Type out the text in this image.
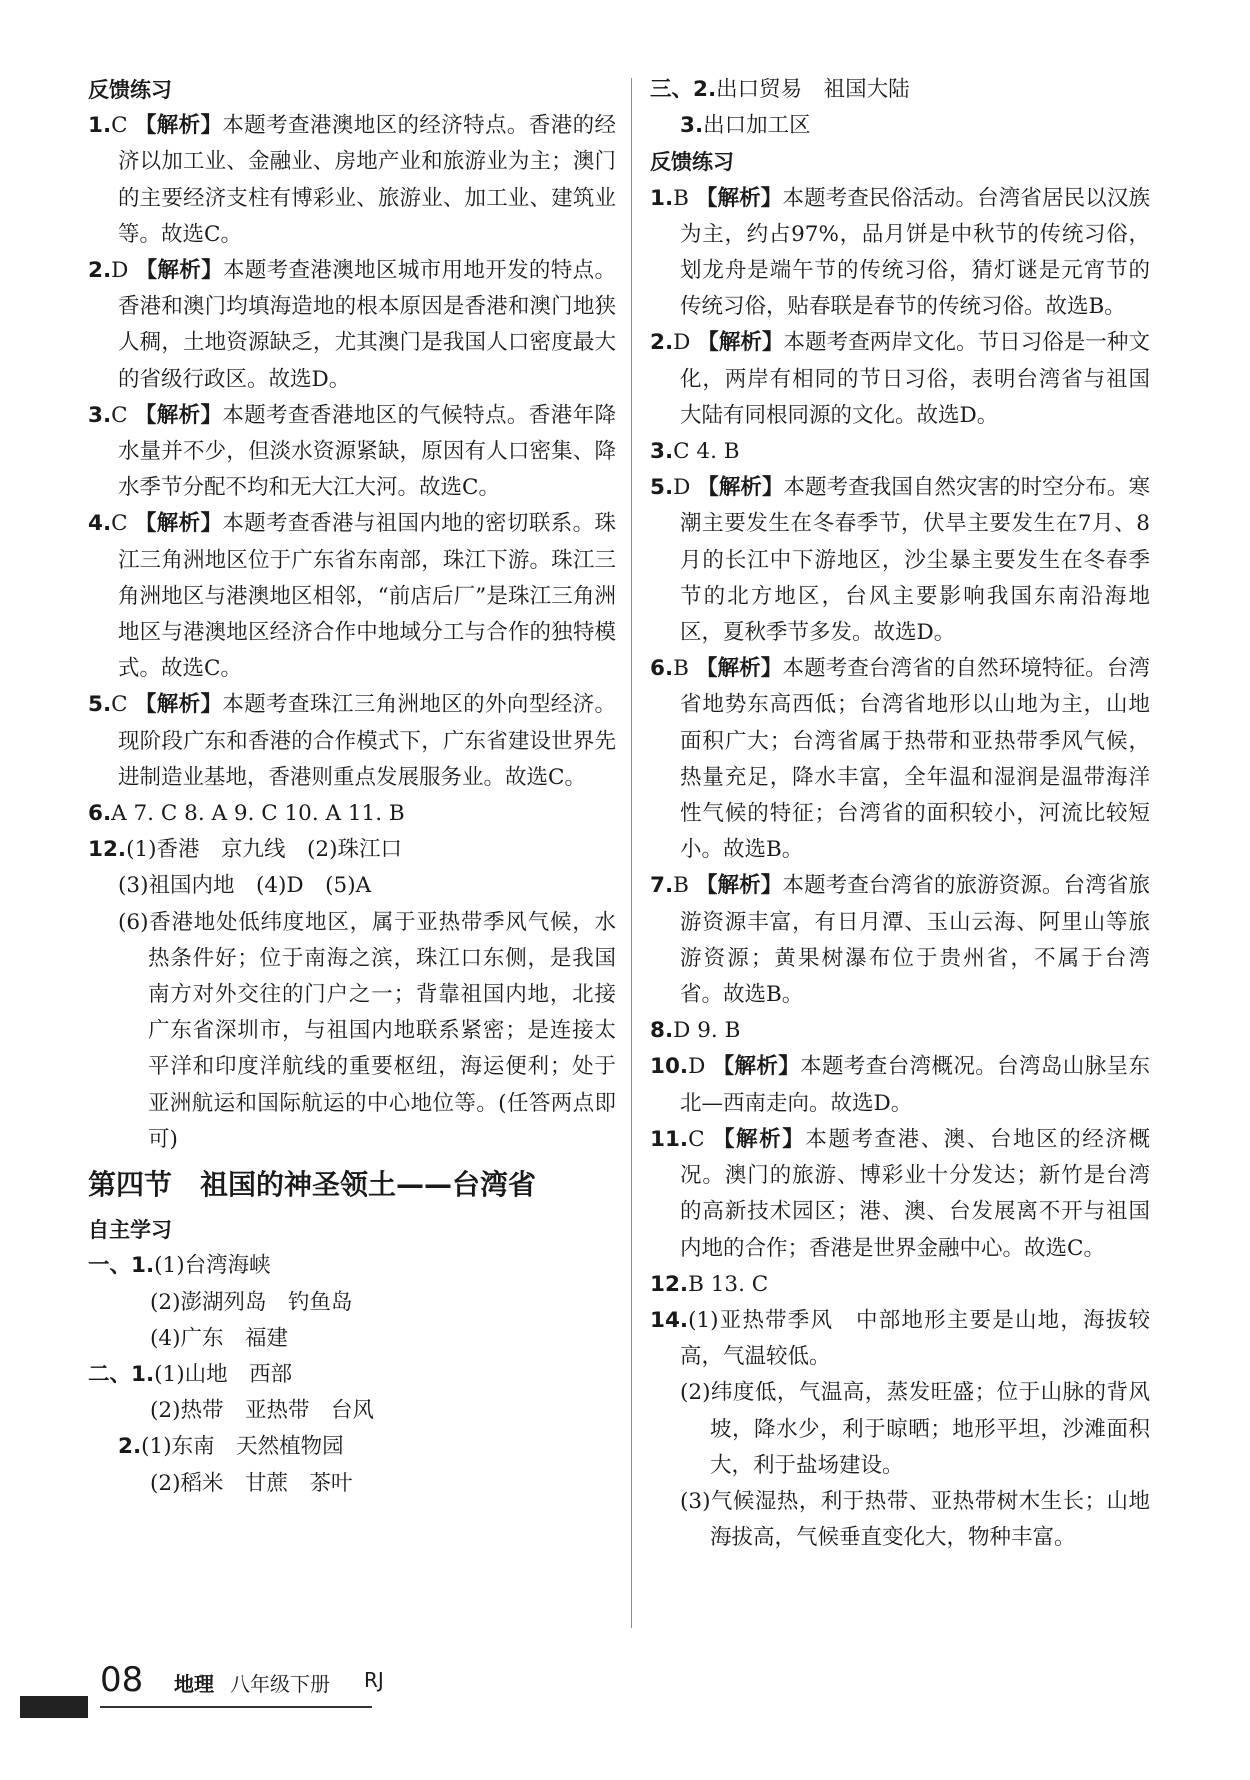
反馈练习
1.C 【解析】本题考查港澳地区的经济特点。香港的经济以加工业、金融业、房地产业和旅游业为主；澳门的主要经济支柱有博彩业、旅游业、加工业、建筑业等。故选C。
2.D 【解析】本题考查港澳地区城市用地开发的特点。香港和澳门均填海造地的根本原因是香港和澳门地狭人稠，土地资源缺乏，尤其澳门是我国人口密度最大的省级行政区。故选D。
3.C 【解析】本题考查香港地区的气候特点。香港年降水量并不少，但淡水资源紧缺，原因有人口密集、降水季节分配不均和无大江大河。故选C。
4.C 【解析】本题考查香港与祖国内地的密切联系。珠江三角洲地区位于广东省东南部，珠江下游。珠江三角洲地区与港澳地区相邻，“前店后厂”是珠江三角洲地区与港澳地区经济合作中地域分工与合作的独特模式。故选C。
5.C 【解析】本题考查珠江三角洲地区的外向型经济。现阶段广东和香港的合作模式下，广东省建设世界先进制造业基地，香港则重点发展服务业。故选C。
6.A 7. C 8. A 9. C 10. A 11. B
12.(1)香港　京九线　(2)珠江口
(3)祖国内地　(4)D　(5)A
(6)香港地处低纬度地区，属于亚热带季风气候，水热条件好；位于南海之滨，珠江口东侧，是我国南方对外交往的门户之一；背靠祖国内地，北接广东省深圳市，与祖国内地联系紧密；是连接太平洋和印度洋航线的重要枢纽，海运便利；处于亚洲航运和国际航运的中心地位等。(任答两点即可)
第四节　祖国的神圣领土——台湾省
自主学习
一、1.(1)台湾海峡
(2)澎湖列岛　钓鱼岛
(4)广东　福建
二、1.(1)山地　西部
(2)热带　亚热带　台风
2.(1)东南　天然植物园
(2)稻米　甘蔗　茶叶
三、2.出口贸易　祖国大陆
3.出口加工区
反馈练习
1.B 【解析】本题考查民俗活动。台湾省居民以汉族为主，约占97%，品月饼是中秋节的传统习俗，划龙舟是端午节的传统习俗，猜灯谜是元宵节的传统习俗，贴春联是春节的传统习俗。故选B。
2.D 【解析】本题考查两岸文化。节日习俗是一种文化，两岸有相同的节日习俗，表明台湾省与祖国大陆有同根同源的文化。故选D。
3.C 4. B
5.D 【解析】本题考查我国自然灾害的时空分布。寒潮主要发生在冬春季节，伏旱主要发生在7月、8月的长江中下游地区，沙尘暴主要发生在冬春季节的北方地区，台风主要影响我国东南沿海地区，夏秋季节多发。故选D。
6.B 【解析】本题考查台湾省的自然环境特征。台湾省地势东高西低；台湾省地形以山地为主，山地面积广大；台湾省属于热带和亚热带季风气候，热量充足，降水丰富，全年温和湿润是温带海洋性气候的特征；台湾省的面积较小，河流比较短小。故选B。
7.B 【解析】本题考查台湾省的旅游资源。台湾省旅游资源丰富，有日月潭、玉山云海、阿里山等旅游资源；黄果树瀑布位于贵州省，不属于台湾省。故选B。
8.D 9. B
10.D 【解析】本题考查台湾概况。台湾岛山脉呈东北—西南走向。故选D。
11.C 【解析】本题考查港、澳、台地区的经济概况。澳门的旅游、博彩业十分发达；新竹是台湾的高新技术园区；港、澳、台发展离不开与祖国内地的合作；香港是世界金融中心。故选C。
12.B 13. C
14.(1)亚热带季风　中部地形主要是山地，海拔较高，气温较低。
(2)纬度低，气温高，蒸发旺盛；位于山脉的背风坡，降水少，利于晾晒；地形平坦，沙滩面积大，利于盐场建设。
(3)气候湿热，利于热带、亚热带树木生长；山地海拔高，气候垂直变化大，物种丰富。
08 地理 八年级下册 RJ
